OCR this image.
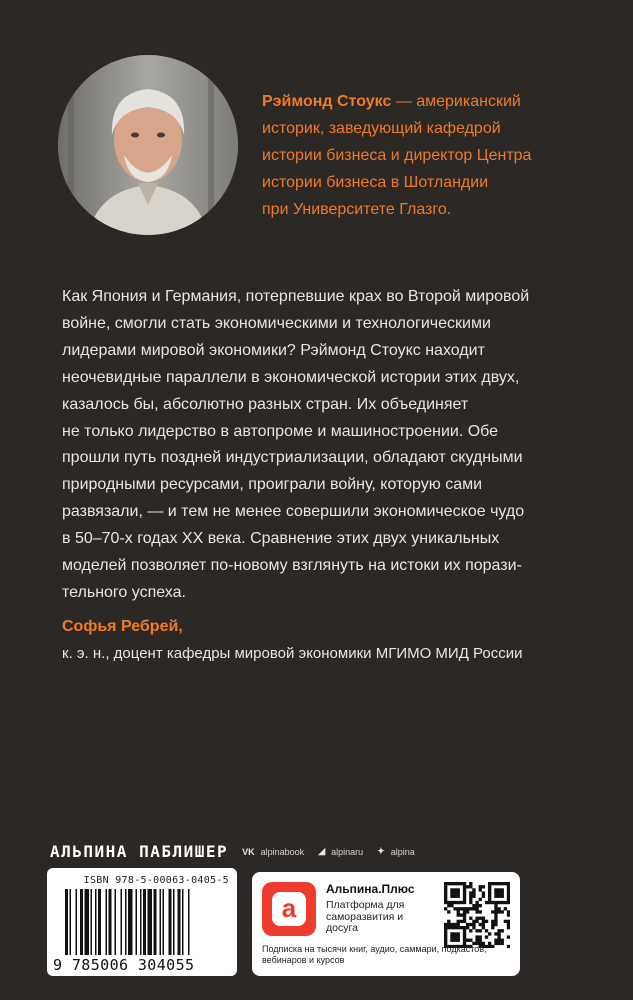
Рэймонд Стоукс — американский
историк, заведующий кафедрой
истории бизнеса и директор Центра
истории бизнеса в Шотландии
при Университете Глазго.

Как Япония и Германия, потерпевшие крах во Второй мировой

войне, смогли стать экономическими и технологическими

лидерами мировой экономики? Рэймонд Стоукс находит

неочевидные параллели в экономической истории этих двух,

казалось бы, абсолютно разных стран. Их объединяет

не только лидерство в автопроме и машиностроении. Обе

прошли путь поздней индустриализации, обладают скудными

природными ресурсами, проиграли войну, которую сами

развязали, — и тем не менее совершили экономическое чудо

в 50–70-х годах ХХ века. Сравнение этих двух уникальных

моделей позволяет по-новому взглянуть на истоки их порази-

тельного успеха.

Софья Ребрей,
к. э. н., доцент кафедры мировой экономики МГИМО МИД России
АЛЬПИНА ПАБЛИШЕР VK alpinabook ◢ alpinaru ✦ alpina
ISBN 978-5-00063-0405-5
9 785006 304055
a
Альпина.Плюс
Платформа для саморазвития и досуга
Подписка на тысячи книг, аудио, саммари, подкастов, вебинаров и курсов
